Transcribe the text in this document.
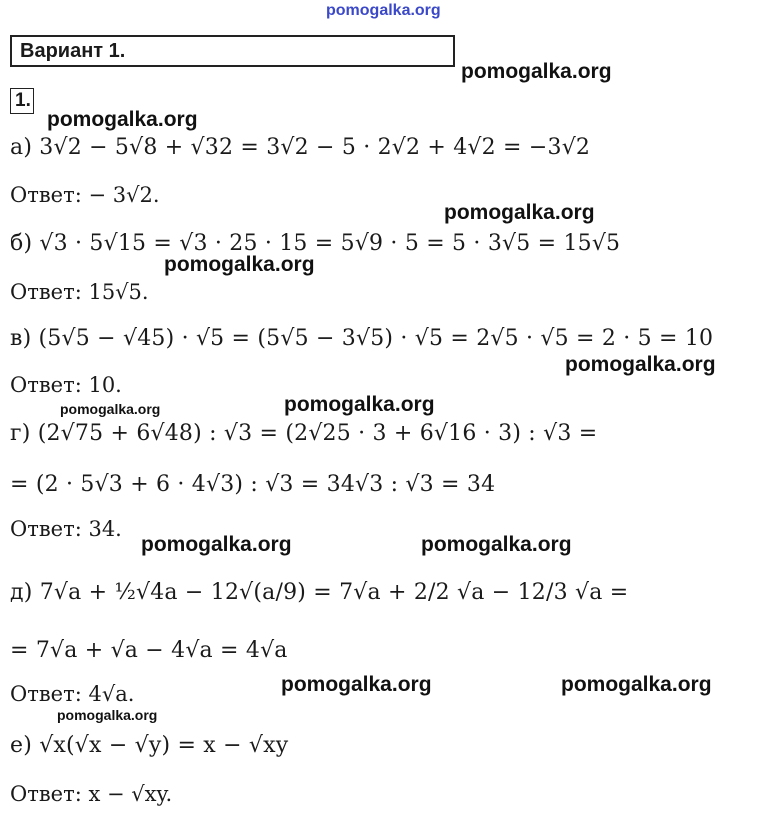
pomogalka.org
Вариант 1.
pomogalka.org
1.
pomogalka.org
а) 3√2 − 5√8 + √32 = 3√2 − 5 · 2√2 + 4√2 = −3√2
Ответ: − 3√2.
pomogalka.org
б) √3 · 5√15 = √3 · 25 · 15 = 5√9 · 5 = 5 · 3√5 = 15√5
pomogalka.org
Ответ: 15√5.
в) (5√5 − √45) · √5 = (5√5 − 3√5) · √5 = 2√5 · √5 = 2 · 5 = 10
pomogalka.org
Ответ: 10.
pomogalka.org	pomogalka.org
г) (2√75 + 6√48) : √3 = (2√25 · 3 + 6√16 · 3) : √3 =
= (2 · 5√3 + 6 · 4√3) : √3 = 34√3 : √3 = 34
Ответ: 34.
pomogalka.org	pomogalka.org
д) 7√a + ½√4a − 12√(a/9) = 7√a + 2/2 √a − 12/3 √a =
= 7√a + √a − 4√a = 4√a
pomogalka.org	pomogalka.org
Ответ: 4√a.
pomogalka.org
е) √x(√x − √y) = x − √xy
Ответ: x − √xy.
